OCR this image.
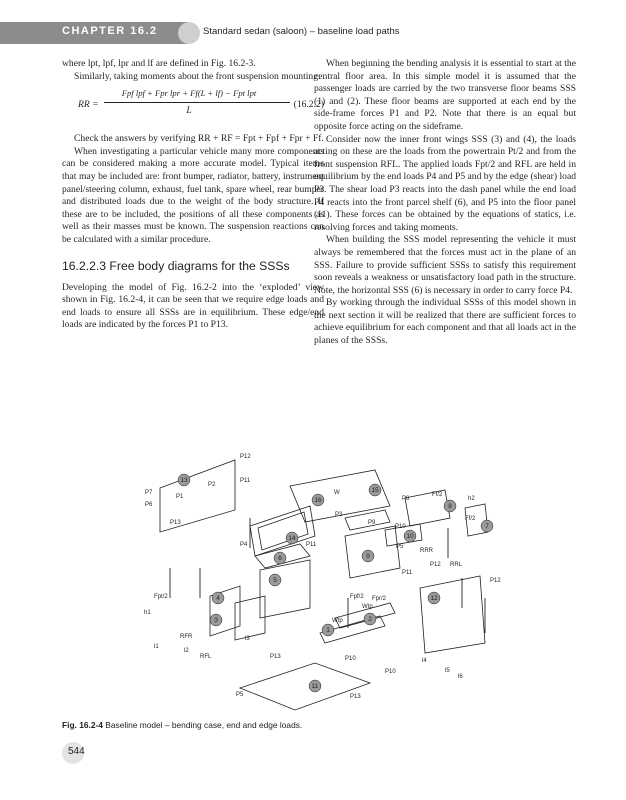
CHAPTER 16.2	Standard sedan (saloon) – baseline load paths

where lpt, lpf, lpr and lf are defined in Fig. 16.2-3.

Similarly, taking moments about the front suspension mounting:

RR =
Fpf lpf + Fpr lpr + Ff(L + lf) − Fpt lpt
L
(16.2.2)

Check the answers by verifying RR + RF = Fpt + Fpf + Fpr + Ff.

When investigating a particular vehicle many more components can be considered making a more accurate model. Typical items that may be included are: front bumper, radiator, battery, instrument panel/steering column, exhaust, fuel tank, spare wheel, rear bumper and distributed loads due to the weight of the body structure. If these are to be included, the positions of all these components as well as their masses must be known. The suspension reactions can be calculated with a similar procedure.

16.2.2.3 Free body diagrams for the SSSs

Developing the model of Fig. 16.2-2 into the ‘exploded’ view shown in Fig. 16.2-4, it can be seen that we require edge loads and end loads to ensure all SSSs are in equilibrium. These edge/end loads are indicated by the forces P1 to P13.

When beginning the bending analysis it is essential to start at the central floor area. In this simple model it is assumed that the passenger loads are carried by the two transverse floor beams SSS (1) and (2). These floor beams are supported at each end by the side-frame forces P1 and P2. Note that there is an equal but opposite force acting on the sideframe.

Consider now the inner front wings SSS (3) and (4), the loads acting on these are the loads from the powertrain Pt/2 and from the front suspension RFL. The applied loads Fpt/2 and RFL are held in equilibrium by the end loads P4 and P5 and by the edge (shear) load P3. The shear load P3 reacts into the dash panel while the end load P4 reacts into the front parcel shelf (6), and P5 into the floor panel (11). These forces can be obtained by the equations of statics, i.e. resolving forces and taking moments.

When building the SSS model representing the vehicle it must always be remembered that the forces must act in the plane of an SSS. Failure to provide sufficient SSSs to satisfy this requirement soon reveals a weakness or unsatisfactory load path in the structure. Note, the horizontal SSS (6) is necessary in order to carry force P4.

By working through the individual SSSs of this model shown in the next section it will be realized that there are sufficient forces to achieve equilibrium for each component and that all loads act in the planes of the SSSs.

13
16
14
6	9
10
8
7
5
4
3	2
1
12
11
15
P12
P11
P7
P6
P1
P2
P13
W
P3
P9
P10
P4	P11
P11
P5
P8
Ff/2
h2
Ff/2
RRR
RRL
P12
P12
Fpt/2
h1
RFR
RFL
l1
l2
l3
Fpf/2 Fpr/2
Wtp
Wtp
P13
P5	P13
P10
P10	l4
l5
l6
Fig. 16.2-4 Baseline model – bending case, end and edge loads.
544
